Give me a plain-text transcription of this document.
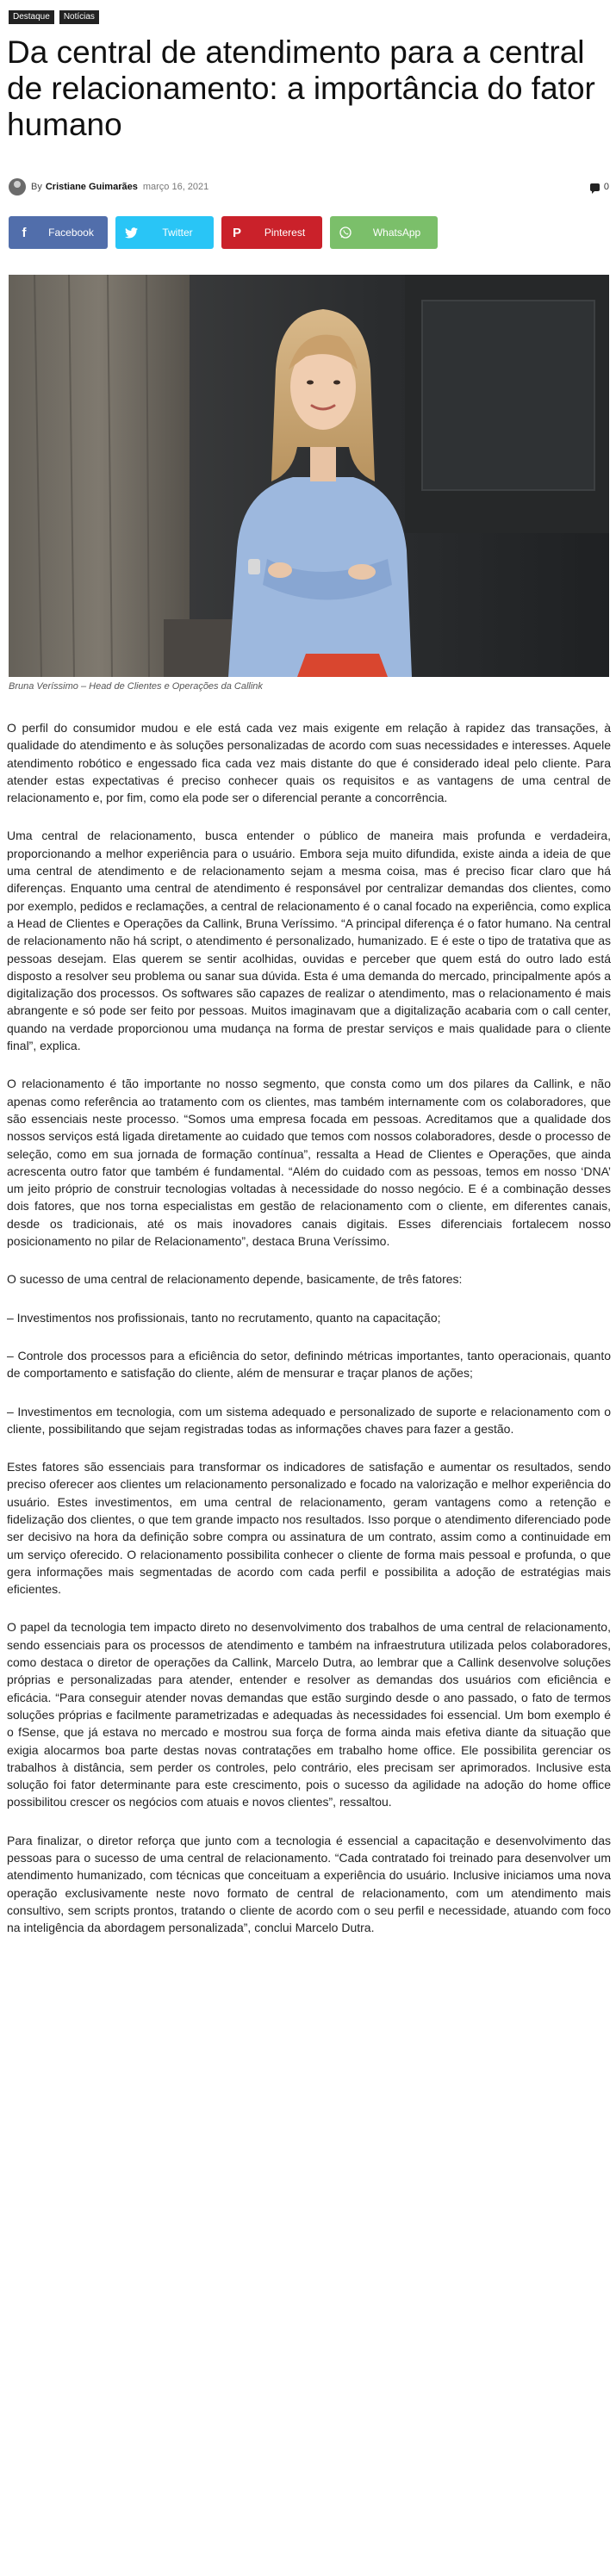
Destaque	Notícias
Da central de atendimento para a central de relacionamento: a importância do fator humano
By Cristiane Guimarães março 16, 2021	0
f	Facebook	Twitter	P	Pinterest	WhatsApp
Bruna Veríssimo – Head de Clientes e Operações da Callink

O perfil do consumidor mudou e ele está cada vez mais exigente em relação à rapidez das transações, à qualidade do atendimento e às soluções personalizadas de acordo com suas necessidades e interesses. Aquele atendimento robótico e engessado fica cada vez mais distante do que é considerado ideal pelo cliente. Para atender estas expectativas é preciso conhecer quais os requisitos e as vantagens de uma central de relacionamento e, por fim, como ela pode ser o diferencial perante a concorrência.

Uma central de relacionamento, busca entender o público de maneira mais profunda e verdadeira, proporcionando a melhor experiência para o usuário. Embora seja muito difundida, existe ainda a ideia de que uma central de atendimento e de relacionamento sejam a mesma coisa, mas é preciso ficar claro que há diferenças. Enquanto uma central de atendimento é responsável por centralizar demandas dos clientes, como por exemplo, pedidos e reclamações, a central de relacionamento é o canal focado na experiência, como explica a Head de Clientes e Operações da Callink, Bruna Veríssimo. “A principal diferença é o fator humano. Na central de relacionamento não há script, o atendimento é personalizado, humanizado. E é este o tipo de tratativa que as pessoas desejam. Elas querem se sentir acolhidas, ouvidas e perceber que quem está do outro lado está disposto a resolver seu problema ou sanar sua dúvida. Esta é uma demanda do mercado, principalmente após a digitalização dos processos. Os softwares são capazes de realizar o atendimento, mas o relacionamento é mais abrangente e só pode ser feito por pessoas. Muitos imaginavam que a digitalização acabaria com o call center, quando na verdade proporcionou uma mudança na forma de prestar serviços e mais qualidade para o cliente final”, explica.

O relacionamento é tão importante no nosso segmento, que consta como um dos pilares da Callink, e não apenas como referência ao tratamento com os clientes, mas também internamente com os colaboradores, que são essenciais neste processo. “Somos uma empresa focada em pessoas. Acreditamos que a qualidade dos nossos serviços está ligada diretamente ao cuidado que temos com nossos colaboradores, desde o processo de seleção, como em sua jornada de formação contínua”, ressalta a Head de Clientes e Operações, que ainda acrescenta outro fator que também é fundamental. “Além do cuidado com as pessoas, temos em nosso ‘DNA’ um jeito próprio de construir tecnologias voltadas à necessidade do nosso negócio. E é a combinação desses dois fatores, que nos torna especialistas em gestão de relacionamento com o cliente, em diferentes canais, desde os tradicionais, até os mais inovadores canais digitais. Esses diferenciais fortalecem nosso posicionamento no pilar de Relacionamento”, destaca Bruna Veríssimo.

O sucesso de uma central de relacionamento depende, basicamente, de três fatores:

– Investimentos nos profissionais, tanto no recrutamento, quanto na capacitação;

– Controle dos processos para a eficiência do setor, definindo métricas importantes, tanto operacionais, quanto de comportamento e satisfação do cliente, além de mensurar e traçar planos de ações;

– Investimentos em tecnologia, com um sistema adequado e personalizado de suporte e relacionamento com o cliente, possibilitando que sejam registradas todas as informações chaves para fazer a gestão.

Estes fatores são essenciais para transformar os indicadores de satisfação e aumentar os resultados, sendo preciso oferecer aos clientes um relacionamento personalizado e focado na valorização e melhor experiência do usuário. Estes investimentos, em uma central de relacionamento, geram vantagens como a retenção e fidelização dos clientes, o que tem grande impacto nos resultados. Isso porque o atendimento diferenciado pode ser decisivo na hora da definição sobre compra ou assinatura de um contrato, assim como a continuidade em um serviço oferecido. O relacionamento possibilita conhecer o cliente de forma mais pessoal e profunda, o que gera informações mais segmentadas de acordo com cada perfil e possibilita a adoção de estratégias mais eficientes.

O papel da tecnologia tem impacto direto no desenvolvimento dos trabalhos de uma central de relacionamento, sendo essenciais para os processos de atendimento e também na infraestrutura utilizada pelos colaboradores, como destaca o diretor de operações da Callink, Marcelo Dutra, ao lembrar que a Callink desenvolve soluções próprias e personalizadas para atender, entender e resolver as demandas dos usuários com eficiência e eficácia. “Para conseguir atender novas demandas que estão surgindo desde o ano passado, o fato de termos soluções próprias e facilmente parametrizadas e adequadas às necessidades foi essencial. Um bom exemplo é o fSense, que já estava no mercado e mostrou sua força de forma ainda mais efetiva diante da situação que exigia alocarmos boa parte destas novas contratações em trabalho home office. Ele possibilita gerenciar os trabalhos à distância, sem perder os controles, pelo contrário, eles precisam ser aprimorados. Inclusive esta solução foi fator determinante para este crescimento, pois o sucesso da agilidade na adoção do home office possibilitou crescer os negócios com atuais e novos clientes”, ressaltou.

Para finalizar, o diretor reforça que junto com a tecnologia é essencial a capacitação e desenvolvimento das pessoas para o sucesso de uma central de relacionamento. “Cada contratado foi treinado para desenvolver um atendimento humanizado, com técnicas que conceituam a experiência do usuário. Inclusive iniciamos uma nova operação exclusivamente neste novo formato de central de relacionamento, com um atendimento mais consultivo, sem scripts prontos, tratando o cliente de acordo com o seu perfil e necessidade, atuando com foco na inteligência da abordagem personalizada”, conclui Marcelo Dutra.
